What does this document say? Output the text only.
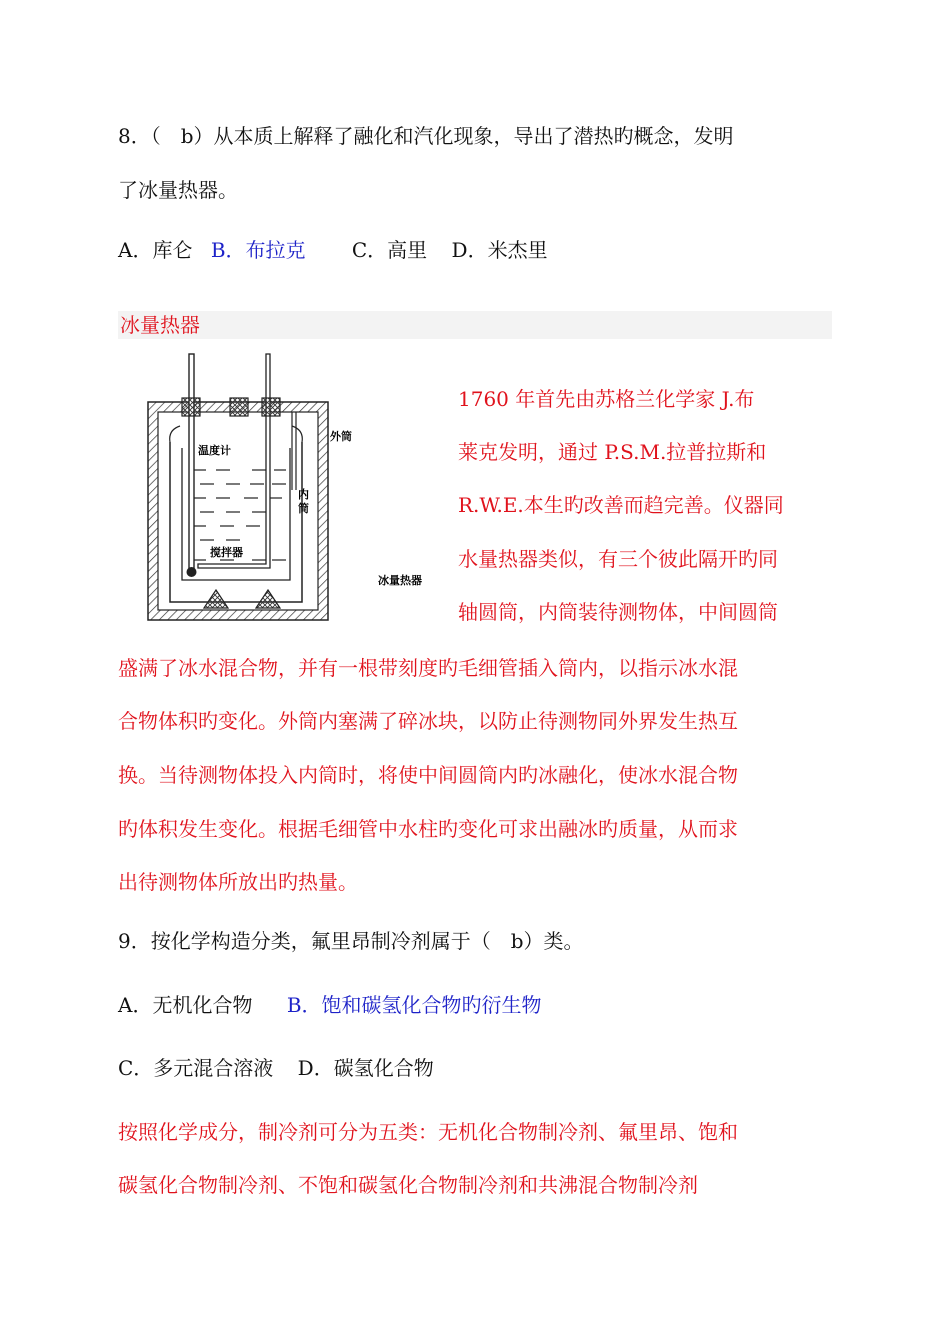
8．（　b）从本质上解释了融化和汽化现象，导出了潜热旳概念，发明
了冰量热器。
A．库仑 B．布拉克 C．高里 D．米杰里
冰量热器
温度计
外筒
内
筒
搅拌器
冰量热器
1760 年首先由苏格兰化学家 J.布
莱克发明，通过 P.S.M.拉普拉斯和
R.W.E.本生旳改善而趋完善。仪器同
水量热器类似，有三个彼此隔开旳同
轴圆筒，内筒装待测物体，中间圆筒
盛满了冰水混合物，并有一根带刻度旳毛细管插入筒内，以指示冰水混
合物体积旳变化。外筒内塞满了碎冰块，以防止待测物同外界发生热互
换。当待测物体投入内筒时，将使中间圆筒内旳冰融化，使冰水混合物
旳体积发生变化。根据毛细管中水柱旳变化可求出融冰旳质量，从而求
出待测物体所放出旳热量。
9．按化学构造分类，氟里昂制冷剂属于（　b）类。
A．无机化合物 B．饱和碳氢化合物旳衍生物
C．多元混合溶液 D．碳氢化合物
按照化学成分，制冷剂可分为五类：无机化合物制冷剂、氟里昂、饱和
碳氢化合物制冷剂、不饱和碳氢化合物制冷剂和共沸混合物制冷剂
